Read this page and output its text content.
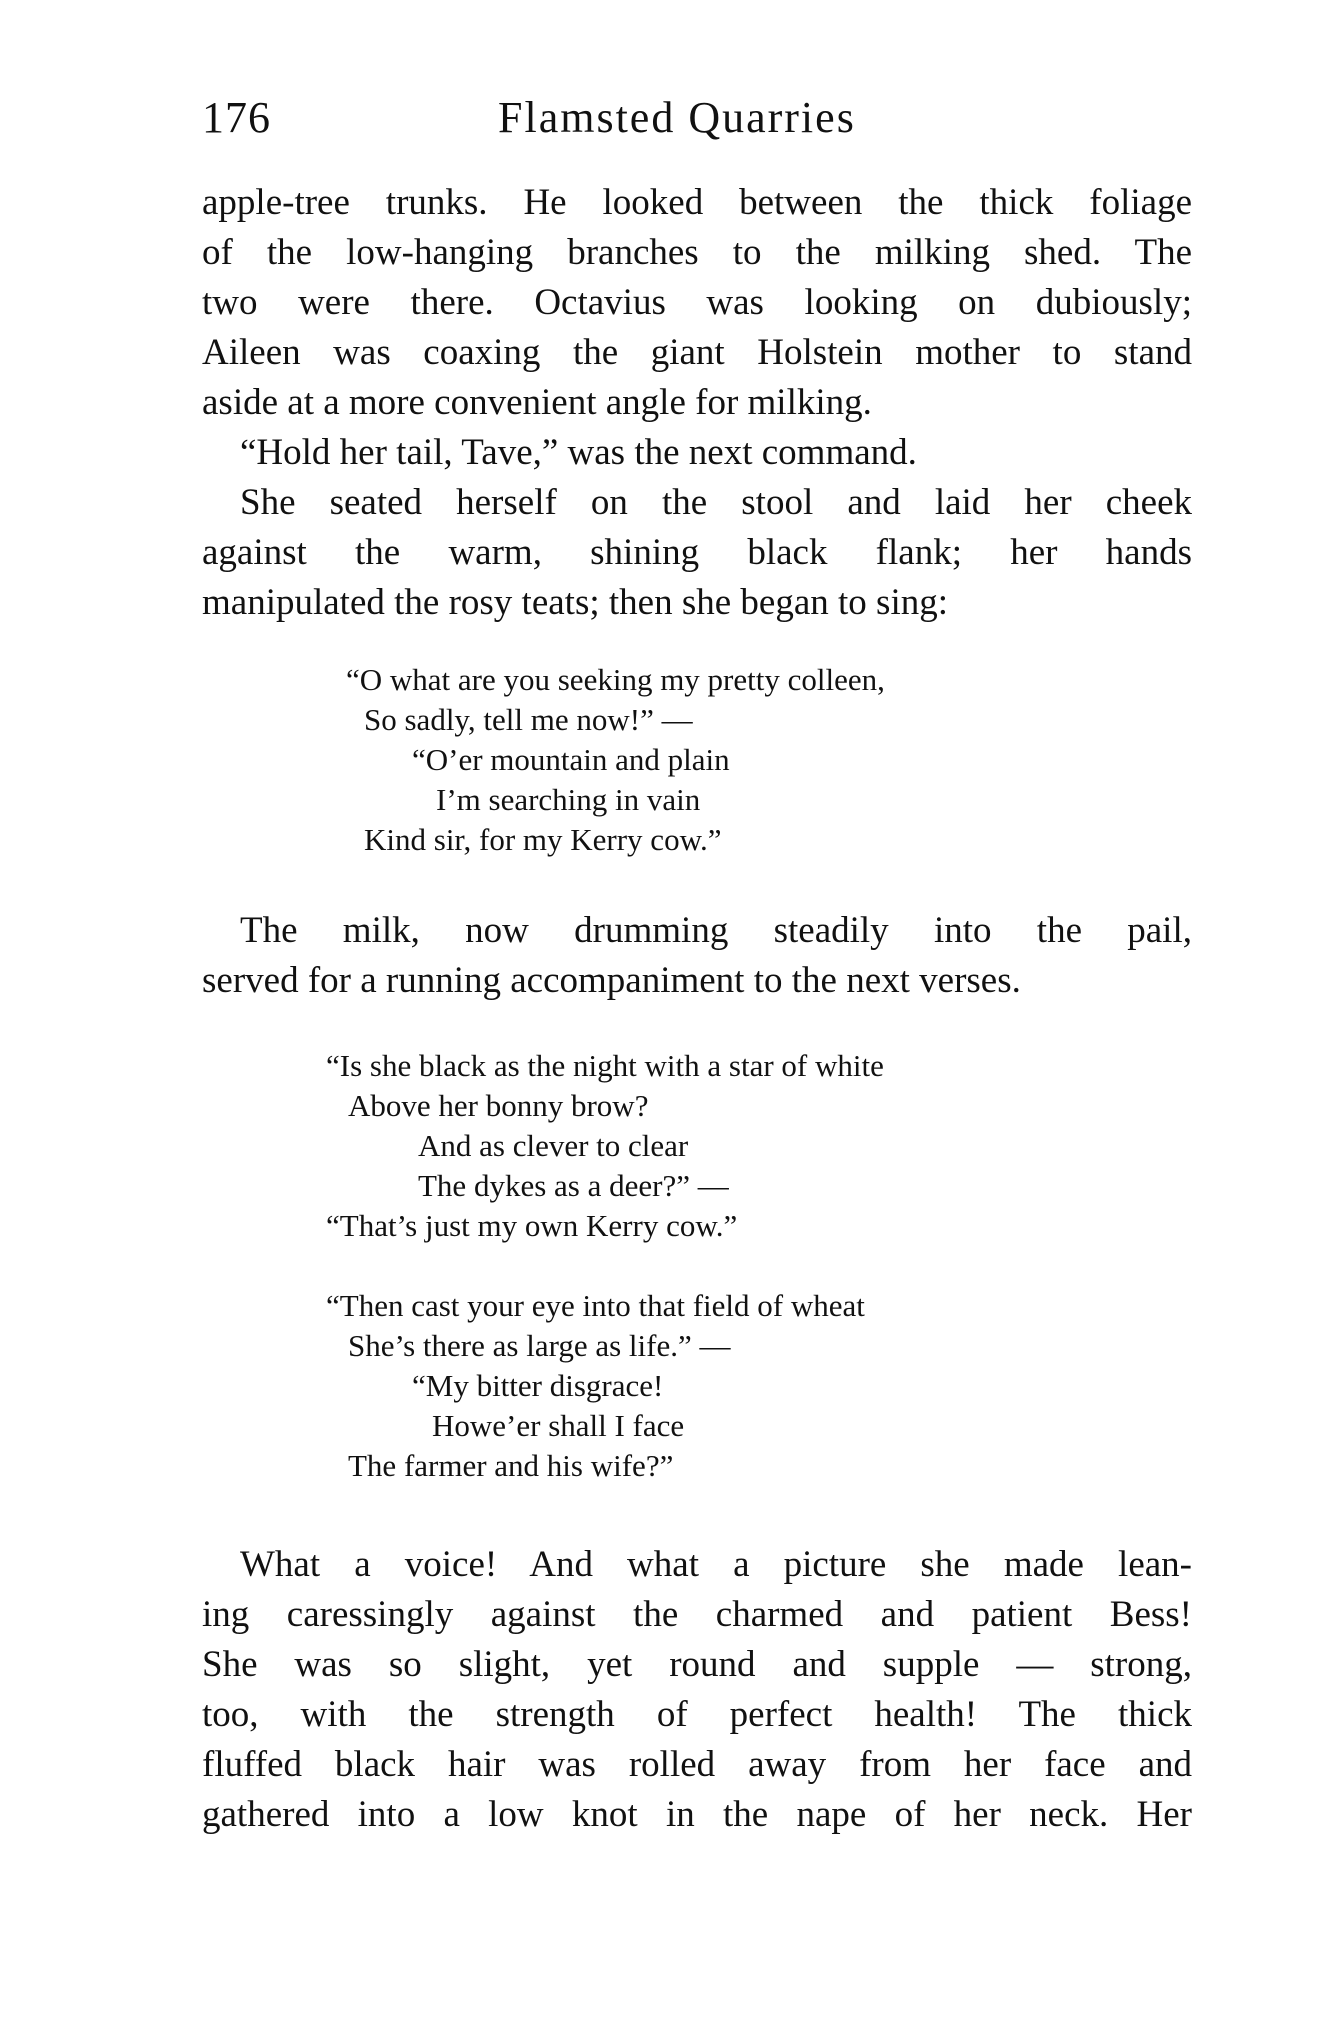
176	Flamsted Quarries
apple-tree trunks. He looked between the thick foliage
of the low-hanging branches to the milking shed. The
two were there. Octavius was looking on dubiously;
Aileen was coaxing the giant Holstein mother to stand
aside at a more convenient angle for milking.
“Hold her tail, Tave,” was the next command.
She seated herself on the stool and laid her cheek
against the warm, shining black flank; her hands
manipulated the rosy teats; then she began to sing:
“O what are you seeking my pretty colleen,
So sadly, tell me now!” —
“O’er mountain and plain
I’m searching in vain
Kind sir, for my Kerry cow.”
The milk, now drumming steadily into the pail,
served for a running accompaniment to the next verses.
“Is she black as the night with a star of white
Above her bonny brow?
And as clever to clear
The dykes as a deer?” —
“That’s just my own Kerry cow.”
“Then cast your eye into that field of wheat
She’s there as large as life.” —
“My bitter disgrace!
Howe’er shall I face
The farmer and his wife?”
What a voice! And what a picture she made lean-
ing caressingly against the charmed and patient Bess!
She was so slight, yet round and supple — strong,
too, with the strength of perfect health! The thick
fluffed black hair was rolled away from her face and
gathered into a low knot in the nape of her neck. Her
